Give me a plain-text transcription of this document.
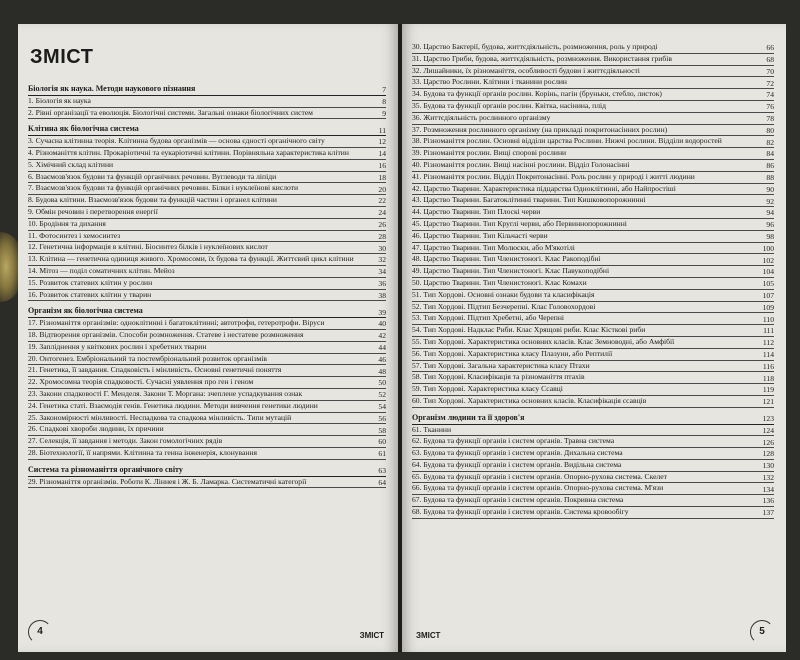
ЗМІСТ
Біологія як наука. Методи наукового пізнання	7
1. Біологія як наука	8
2. Рівні організації та еволюція. Біологічні системи. Загальні ознаки біологічних систем	9
Клітина як біологічна система	11
3. Сучасна клітинна теорія. Клітинна будова організмів — основа єдності органічного світу	12
4. Різноманіття клітин. Прокаріотичні та еукаріотичні клітини. Порівняльна характеристика клітин	14
5. Хімічний склад клітини	16
6. Взаємозв'язок будови та функцій органічних речовин. Вуглеводи та ліпіди	18
7. Взаємозв'язок будови та функцій органічних речовин. Білки і нуклеїнові кислоти	20
8. Будова клітини. Взаємозв'язок будови та функцій частин і органел клітини	22
9. Обмін речовин і перетворення енергії	24
10. Бродіння та дихання	26
11. Фотосинтез і хемосинтез	28
12. Генетична інформація в клітині. Біосинтез білків і нуклеїнових кислот	30
13. Клітина — генетична одиниця живого. Хромосоми, їх будова та функції. Життєвий цикл клітини	32
14. Мітоз — поділ соматичних клітин. Мейоз	34
15. Розвиток статевих клітин у рослин	36
16. Розвиток статевих клітин у тварин	38
Організм як біологічна система	39
17. Різноманіття організмів: одноклітинні і багатоклітинні; автотрофи, гетеротрофи. Віруси	40
18. Відтворення організмів. Способи розмноження. Статеве і нестатеве розмноження	42
19. Запліднення у квіткових рослин і хребетних тварин	44
20. Онтогенез. Ембріональний та постембріональний розвиток організмів	46
21. Генетика, її завдання. Спадковість і мінливість. Основні генетичні поняття	48
22. Хромосомна теорія спадковості. Сучасні уявлення про ген і геном	50
23. Закони спадковості Г. Менделя. Закони Т. Моргана: зчеплене успадкування ознак	52
24. Генетика статі. Взаємодія генів. Генетика людини. Методи вивчення генетики людини	54
25. Закономірності мінливості. Неспадкова та спадкова мінливість. Типи мутацій	56
26. Спадкові хвороби людини, їх причини	58
27. Селекція, її завдання і методи. Закон гомологічних рядів	60
28. Біотехнології, її напрями. Клітинна та генна інженерія, клонування	61
Система та різноманіття органічного світу	63
29. Різноманіття організмів. Роботи К. Ліннея і Ж. Б. Ламарка. Систематичні категорії	64
4	ЗМІСТ
30. Царство Бактерії, будова, життєдіяльність, розмноження, роль у природі	66
31. Царство Гриби, будова, життєдіяльність, розмноження. Використання грибів	68
32. Лишайники, їх різноманіття, особливості будови і життєдіяльності	70
33. Царство Рослини. Клітини і тканини рослин	72
34. Будова та функції органів рослин. Корінь, пагін (бруньки, стебло, листок)	74
35. Будова та функції органів рослин. Квітка, насінина, плід	76
36. Життєдіяльність рослинного організму	78
37. Розмноження рослинного організму (на прикладі покритонасінних рослин)	80
38. Різноманіття рослин. Основні відділи царства Рослини. Нижчі рослини. Відділи водоростей	82
39. Різноманіття рослин. Вищі спорові рослини	84
40. Різноманіття рослин. Вищі насінні рослини. Відділ Голонасінні	86
41. Різноманіття рослин. Відділ Покритонасінні. Роль рослин у природі і житті людини	88
42. Царство Тварини. Характеристика підцарства Одноклітинні, або Найпростіші	90
43. Царство Тварини. Багатоклітинні тварини. Тип Кишковопорожнинні	92
44. Царство Тварини. Тип Плоскі черви	94
45. Царство Тварини. Тип Круглі черви, або Первиннопорожнинні	96
46. Царство Тварини. Тип Кільчасті черви	98
47. Царство Тварини. Тип Молюски, або М'якотілі	100
48. Царство Тварини. Тип Членистоногі. Клас Ракоподібні	102
49. Царство Тварини. Тип Членистоногі. Клас Павукоподібні	104
50. Царство Тварини. Тип Членистоногі. Клас Комахи	105
51. Тип Хордові. Основні ознаки будови та класифікація	107
52. Тип Хордові. Підтип Безчерепні. Клас Головохордові	109
53. Тип Хордові. Підтип Хребетні, або Черепні	110
54. Тип Хордові. Надклас Риби. Клас Хрящові риби. Клас Кісткові риби	111
55. Тип Хордові. Характеристика основних класів. Клас Земноводні, або Амфібії	112
56. Тип Хордові. Характеристика класу Плазуни, або Рептилії	114
57. Тип Хордові. Загальна характеристика класу Птахи	116
58. Тип Хордові. Класифікація та різноманіття птахів	118
59. Тип Хордові. Характеристика класу Ссавці	119
60. Тип Хордові. Характеристика основних класів. Класифікація ссавців	121
Організм людини та її здоров'я	123
61. Тканини	124
62. Будова та функції органів і систем органів. Травна система	126
63. Будова та функції органів і систем органів. Дихальна система	128
64. Будова та функції органів і систем органів. Видільна система	130
65. Будова та функції органів і систем органів. Опорно-рухова система. Скелет	132
66. Будова та функції органів і систем органів. Опорно-рухова система. М'язи	134
67. Будова та функції органів і систем органів. Покривна система	136
68. Будова та функції органів і систем органів. Система кровообігу	137
ЗМІСТ	5
